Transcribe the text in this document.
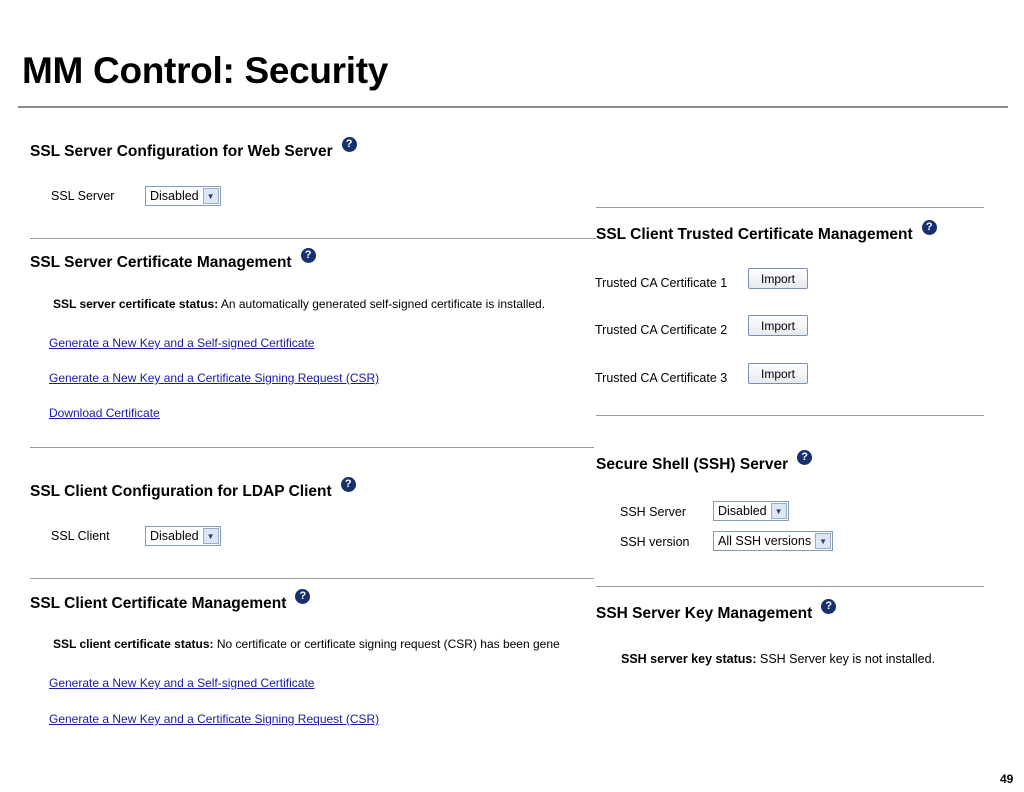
MM Control: Security
SSL Server Configuration for Web Server	?
SSL Server	Disabled	▼
SSL Server Certificate Management	?
SSL server certificate status: An automatically generated self-signed certificate is installed.
Generate a New Key and a Self-signed Certificate
Generate a New Key and a Certificate Signing Request (CSR)
Download Certificate
SSL Client Configuration for LDAP Client	?
SSL Client	Disabled	▼
SSL Client Certificate Management	?
SSL client certificate status: No certificate or certificate signing request (CSR) has been gene
Generate a New Key and a Self-signed Certificate
Generate a New Key and a Certificate Signing Request (CSR)
SSL Client Trusted Certificate Management	?
Trusted CA Certificate 1	Import
Trusted CA Certificate 2	Import
Trusted CA Certificate 3	Import
Secure Shell (SSH) Server	?
SSH Server	Disabled	▼
SSH version	All SSH versions	▼
SSH Server Key Management	?
SSH server key status: SSH Server key is not installed.
49
